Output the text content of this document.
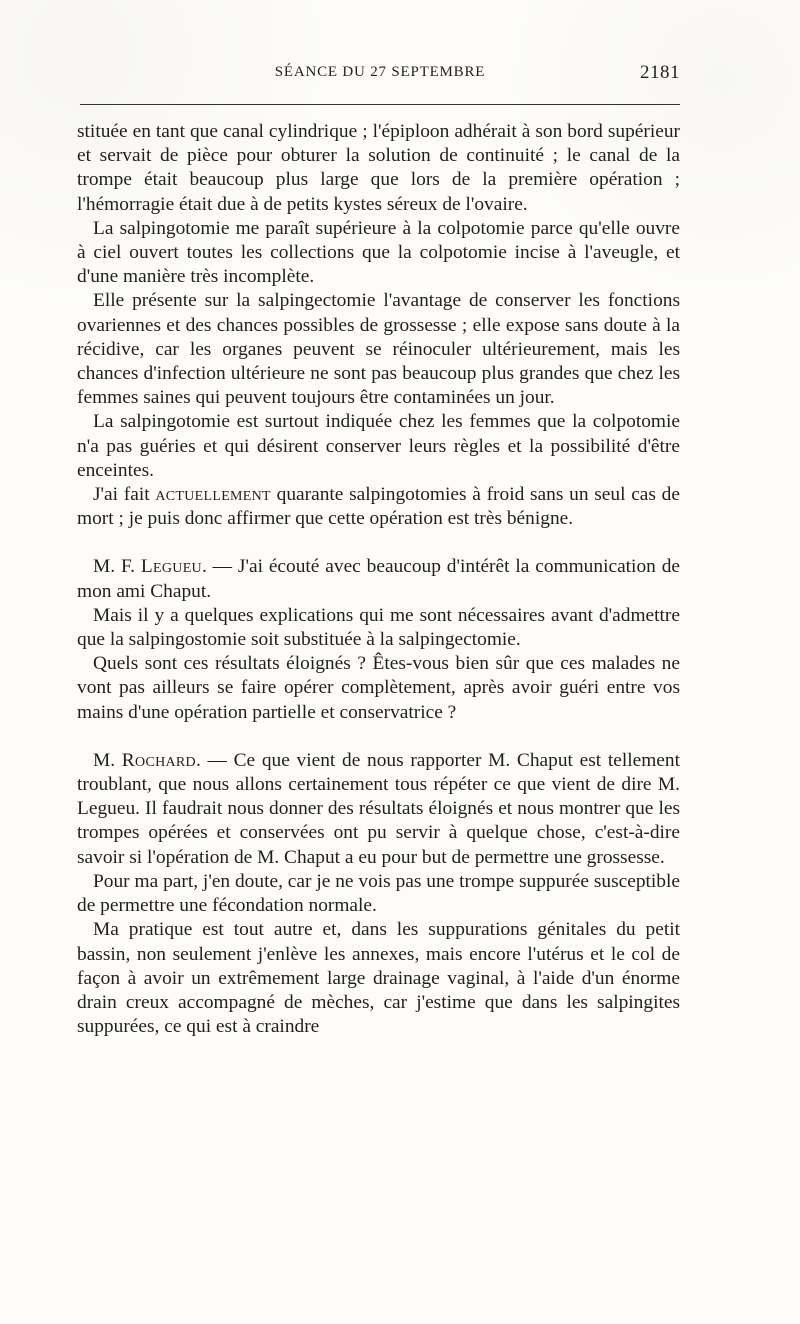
SÉANCE DU 27 SEPTEMBRE	2181

stituée en tant que canal cylindrique ; l'épiploon adhérait à son bord supérieur et servait de pièce pour obturer la solution de continuité ; le canal de la trompe était beaucoup plus large que lors de la première opération ; l'hémorragie était due à de petits kystes séreux de l'ovaire.

La salpingotomie me paraît supérieure à la colpotomie parce qu'elle ouvre à ciel ouvert toutes les collections que la colpotomie incise à l'aveugle, et d'une manière très incomplète.

Elle présente sur la salpingectomie l'avantage de conserver les fonctions ovariennes et des chances possibles de grossesse ; elle expose sans doute à la récidive, car les organes peuvent se réinoculer ultérieurement, mais les chances d'infection ultérieure ne sont pas beaucoup plus grandes que chez les femmes saines qui peuvent toujours être contaminées un jour.

La salpingotomie est surtout indiquée chez les femmes que la colpotomie n'a pas guéries et qui désirent conserver leurs règles et la possibilité d'être enceintes.

J'ai fait actuellement quarante salpingotomies à froid sans un seul cas de mort ; je puis donc affirmer que cette opération est très bénigne.

M. F. Legueu. — J'ai écouté avec beaucoup d'intérêt la communication de mon ami Chaput.

Mais il y a quelques explications qui me sont nécessaires avant d'admettre que la salpingostomie soit substituée à la salpingectomie.

Quels sont ces résultats éloignés ? Êtes-vous bien sûr que ces malades ne vont pas ailleurs se faire opérer complètement, après avoir guéri entre vos mains d'une opération partielle et conservatrice ?

M. Rochard. — Ce que vient de nous rapporter M. Chaput est tellement troublant, que nous allons certainement tous répéter ce que vient de dire M. Legueu. Il faudrait nous donner des résultats éloignés et nous montrer que les trompes opérées et conservées ont pu servir à quelque chose, c'est-à-dire savoir si l'opération de M. Chaput a eu pour but de permettre une grossesse.

Pour ma part, j'en doute, car je ne vois pas une trompe suppurée susceptible de permettre une fécondation normale.

Ma pratique est tout autre et, dans les suppurations génitales du petit bassin, non seulement j'enlève les annexes, mais encore l'utérus et le col de façon à avoir un extrêmement large drainage vaginal, à l'aide d'un énorme drain creux accompagné de mèches, car j'estime que dans les salpingites suppurées, ce qui est à craindre
